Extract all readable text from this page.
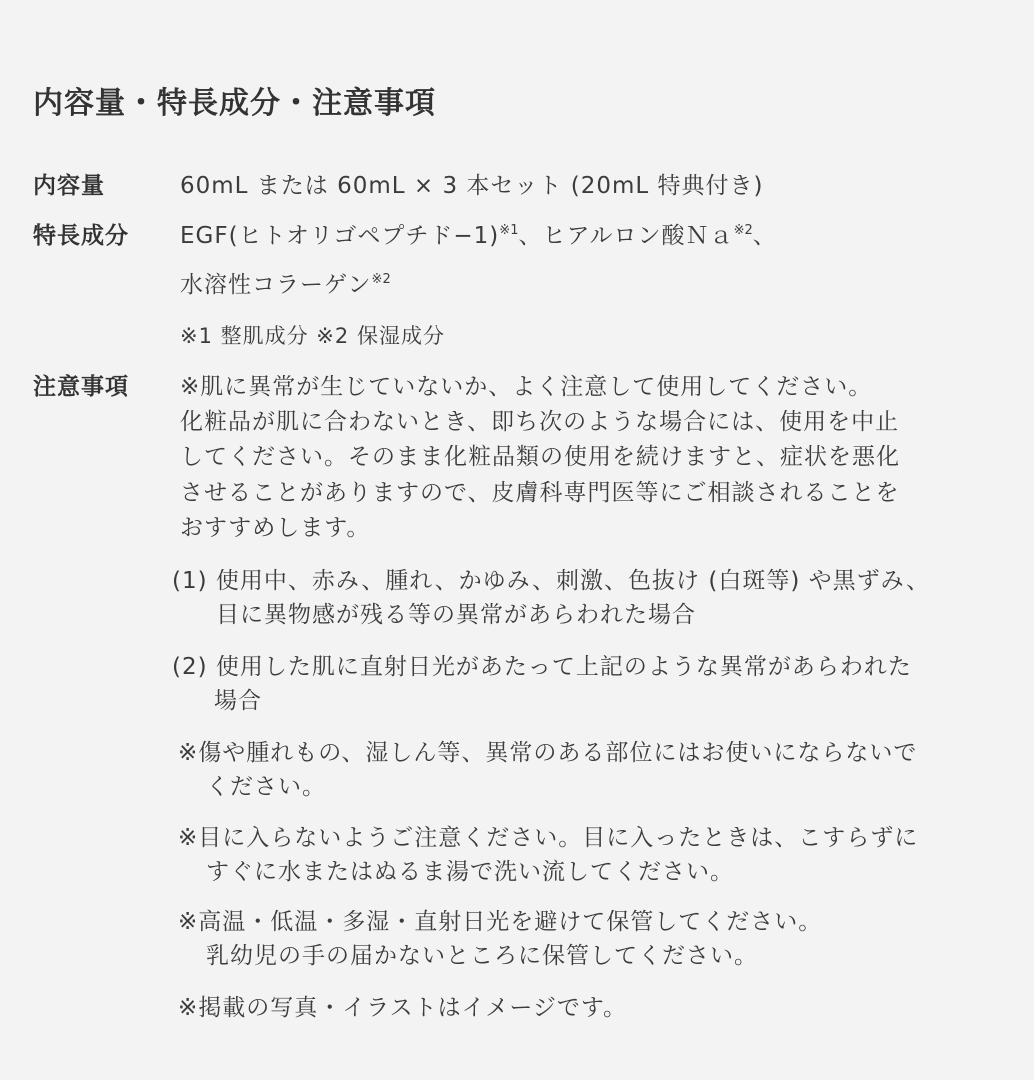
内容量・特長成分・注意事項
内容量	60mL または 60mL × 3 本セット (20mL 特典付き)
特長成分 EGF(ヒトオリゴペプチド−1)$^{※1}$、ヒアルロン酸Ｎａ$^{※2}$、
水溶性コラーゲン$^{※2}$
※1 整肌成分 ※2 保湿成分
注意事項 ※肌に異常が生じていないか、よく注意して使用してください。
化粧品が肌に合わないとき、即ち次のような場合には、使用を中止
してください。そのまま化粧品類の使用を続けますと、症状を悪化
させることがありますので、皮膚科専門医等にご相談されることを
おすすめします。
(1) 使用中、赤み、腫れ、かゆみ、刺激、色抜け (白斑等) や黒ずみ、
目に異物感が残る等の異常があらわれた場合
(2) 使用した肌に直射日光があたって上記のような異常があらわれた
場合
※傷や腫れもの、湿しん等、異常のある部位にはお使いにならないで
ください。
※目に入らないようご注意ください。目に入ったときは、こすらずに
すぐに水またはぬるま湯で洗い流してください。
※高温・低温・多湿・直射日光を避けて保管してください。
乳幼児の手の届かないところに保管してください。
※掲載の写真・イラストはイメージです。
